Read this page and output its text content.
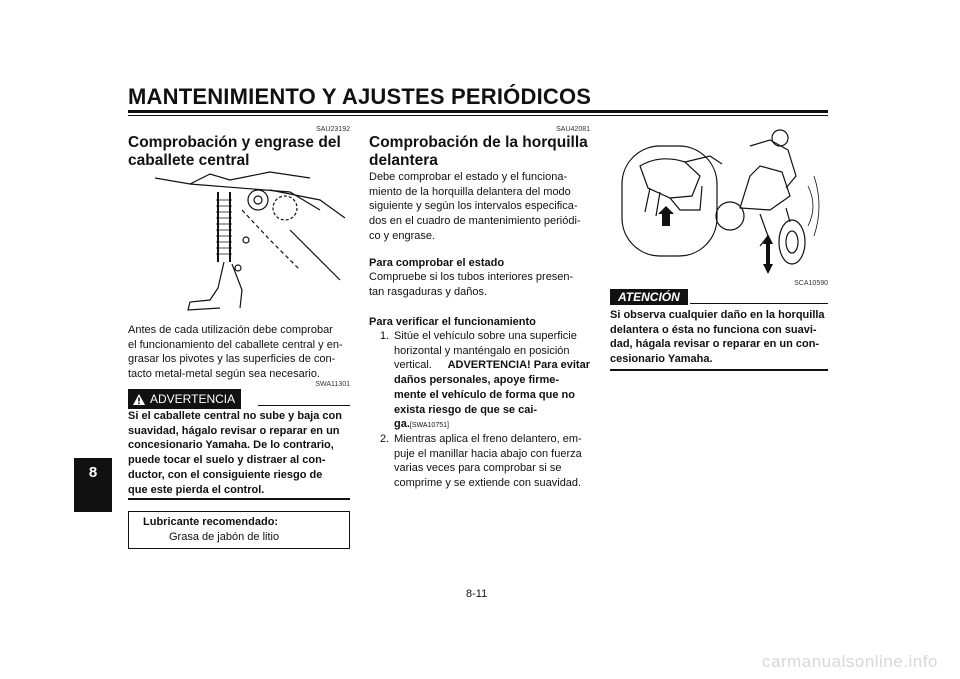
MANTENIMIENTO Y AJUSTES PERIÓDICOS
8
SAU23192
Comprobación y engrase del
caballete central
Antes de cada utilización debe comprobar
el funcionamiento del caballete central y en-
grasar los pivotes y las superficies de con-
tacto metal-metal según sea necesario.
SWA11301
ADVERTENCIA
Si el caballete central no sube y baja con
suavidad, hágalo revisar o reparar en un
concesionario Yamaha. De lo contrario,
puede tocar el suelo y distraer al con-
ductor, con el consiguiente riesgo de
que este pierda el control.
Lubricante recomendado:
Grasa de jabón de litio
SAU42081
Comprobación de la horquilla
delantera
Debe comprobar el estado y el funciona-
miento de la horquilla delantera del modo
siguiente y según los intervalos especifica-
dos en el cuadro de mantenimiento periódi-
co y engrase.
Para comprobar el estado
Compruebe si los tubos interiores presen-
tan rasgaduras y daños.
Para verificar el funcionamiento
1. Sitúe el vehículo sobre una superficie
horizontal y manténgalo en posición
vertical. ADVERTENCIA! Para evitar
daños personales, apoye firme-
mente el vehículo de forma que no
exista riesgo de que se cai-
ga.[SWA10751]
2. Mientras aplica el freno delantero, em-
puje el manillar hacia abajo con fuerza
varias veces para comprobar si se
comprime y se extiende con suavidad.
SCA10590
ATENCIÓN
Si observa cualquier daño en la horquilla
delantera o ésta no funciona con suavi-
dad, hágala revisar o reparar en un con-
cesionario Yamaha.
8-11
carmanualsonline.info
